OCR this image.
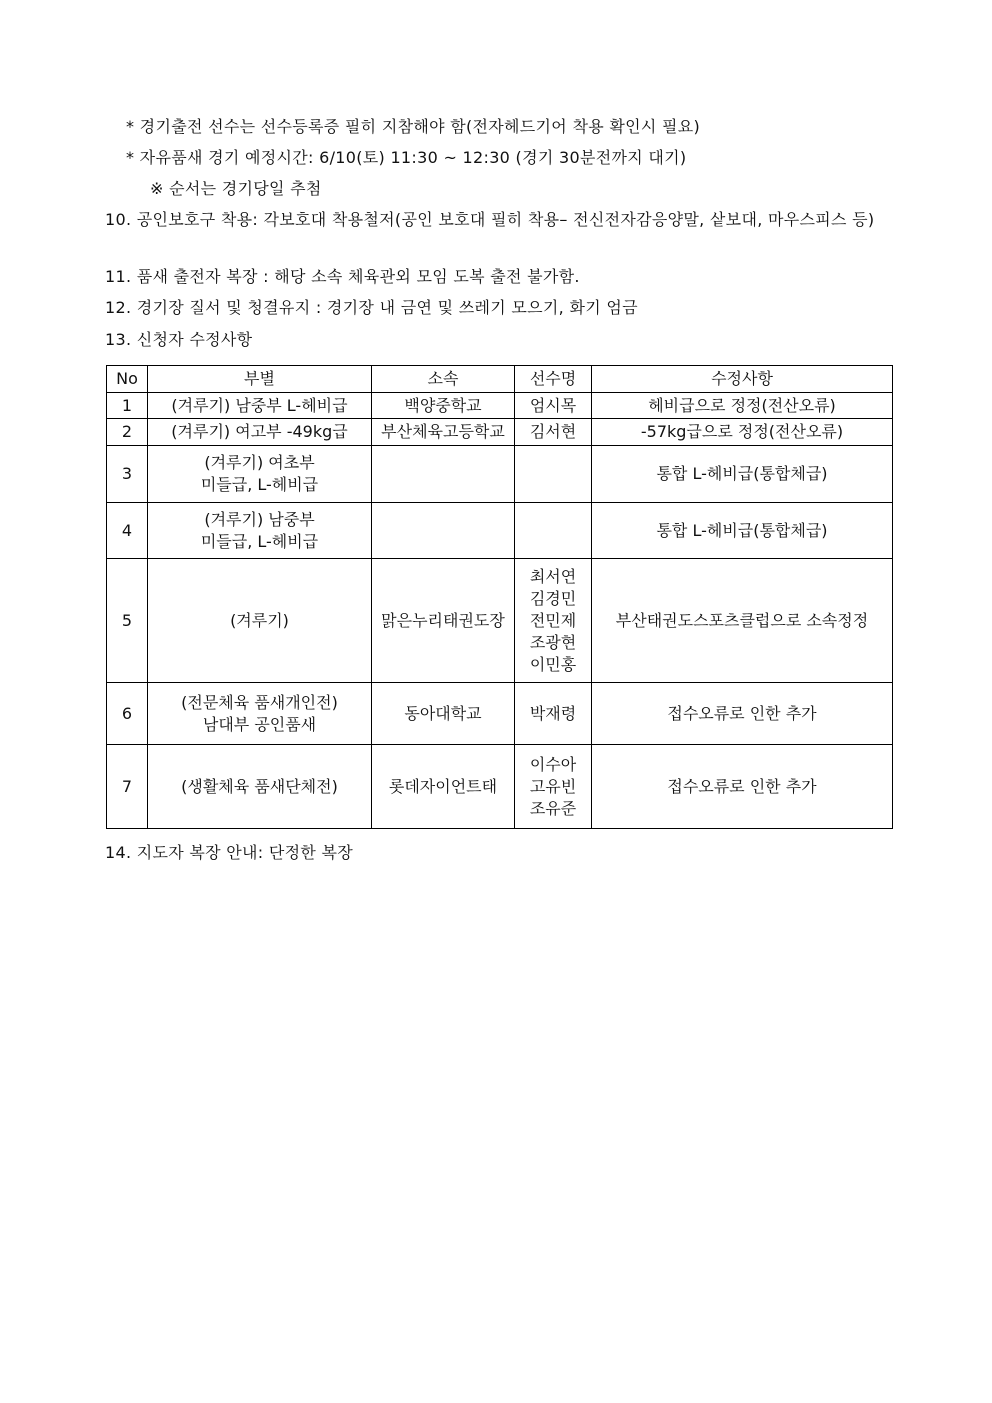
* 경기출전 선수는 선수등록증 필히 지참해야 함(전자헤드기어 착용 확인시 필요)
* 자유품새 경기 예정시간: 6/10(토) 11:30 ~ 12:30 (경기 30분전까지 대기)
※ 순서는 경기당일 추첨
10. 공인보호구 착용: 각보호대 착용철저(공인 보호대 필히 착용– 전신전자감응양말, 샅보대, 마우스피스 등)
11. 품새 출전자 복장 : 해당 소속 체육관외 모임 도복 출전 불가함.
12. 경기장 질서 및 청결유지 : 경기장 내 금연 및 쓰레기 모으기, 화기 엄금
13. 신청자 수정사항
No	부별	소속	선수명	수정사항
1	(겨루기) 남중부 L-헤비급	백양중학교	엄시목	헤비급으로 정정(전산오류)
2	(겨루기) 여고부 -49kg급	부산체육고등학교	김서현	-57kg급으로 정정(전산오류)
3	(겨루기) 여초부
미들급, L-헤비급			통합 L-헤비급(통합체급)
4	(겨루기) 남중부
미들급, L-헤비급			통합 L-헤비급(통합체급)
5	(겨루기)	맑은누리태권도장	최서연
김경민
전민제
조광현
이민홍	부산태권도스포츠클럽으로 소속정정
6	(전문체육 품새개인전)
남대부 공인품새	동아대학교	박재령	접수오류로 인한 추가
7	(생활체육 품새단체전)	롯데자이언트태	이수아
고유빈
조유준	접수오류로 인한 추가
14. 지도자 복장 안내: 단정한 복장
